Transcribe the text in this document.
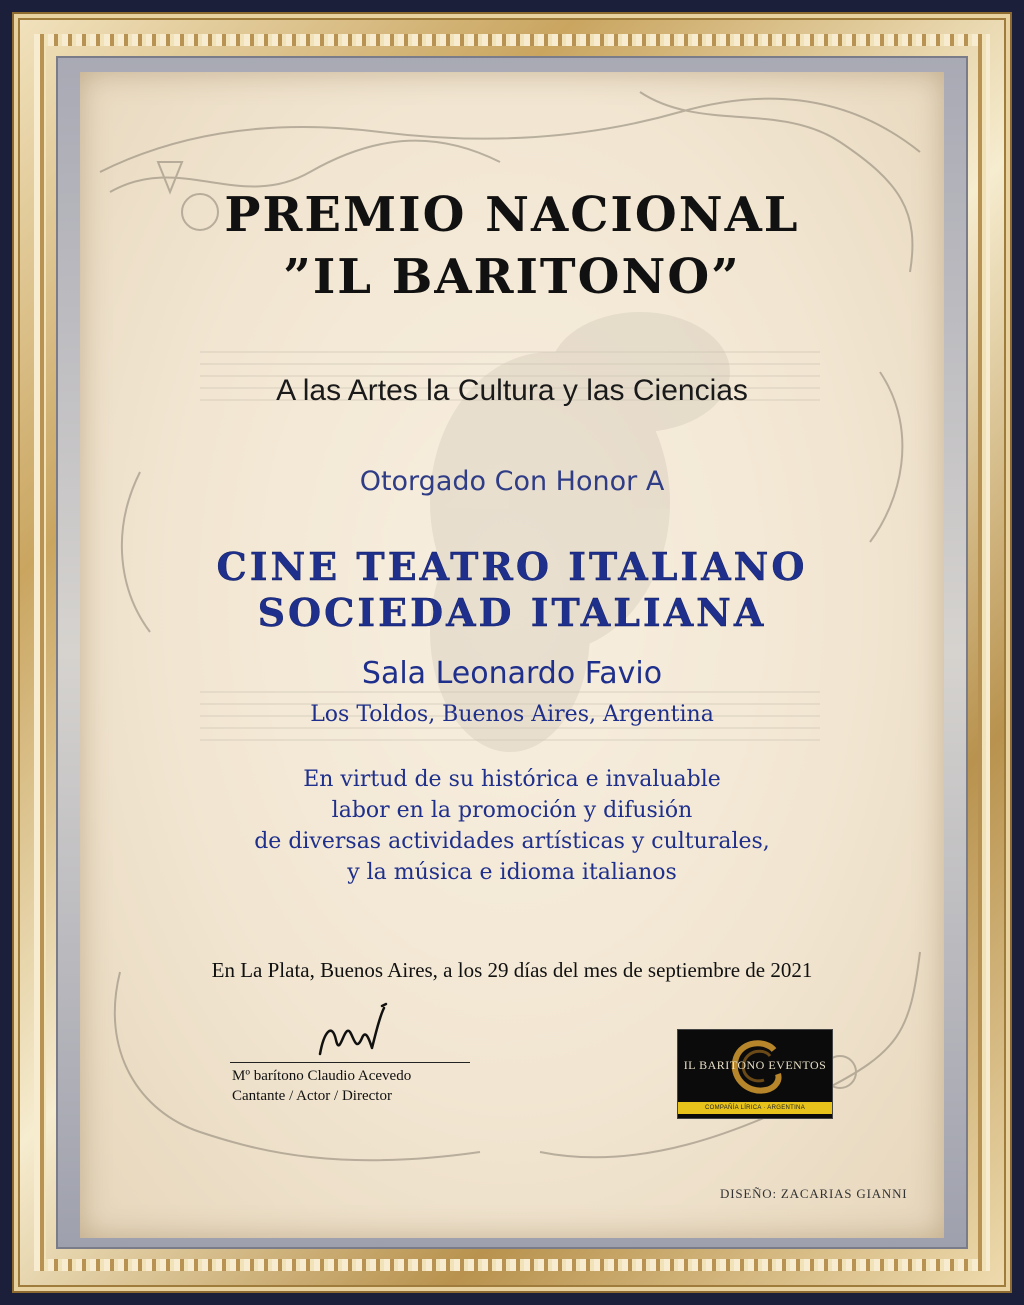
PREMIO NACIONAL
”IL BARITONO”
A las Artes la Cultura y las Ciencias
Otorgado Con Honor A
CINE TEATRO ITALIANO
SOCIEDAD ITALIANA
Sala Leonardo Favio
Los Toldos, Buenos Aires, Argentina
En virtud de su histórica e invaluable
labor en la promoción y difusión
de diversas actividades artísticas y culturales,
y la música e idioma italianos
En La Plata, Buenos Aires, a los 29 días del mes de septiembre de 2021
Mº barítono Claudio Acevedo
Cantante / Actor / Director
IL BARITONO EVENTOS
COMPAÑÍA LÍRICA · ARGENTINA
DISEÑO: ZACARIAS GIANNI
